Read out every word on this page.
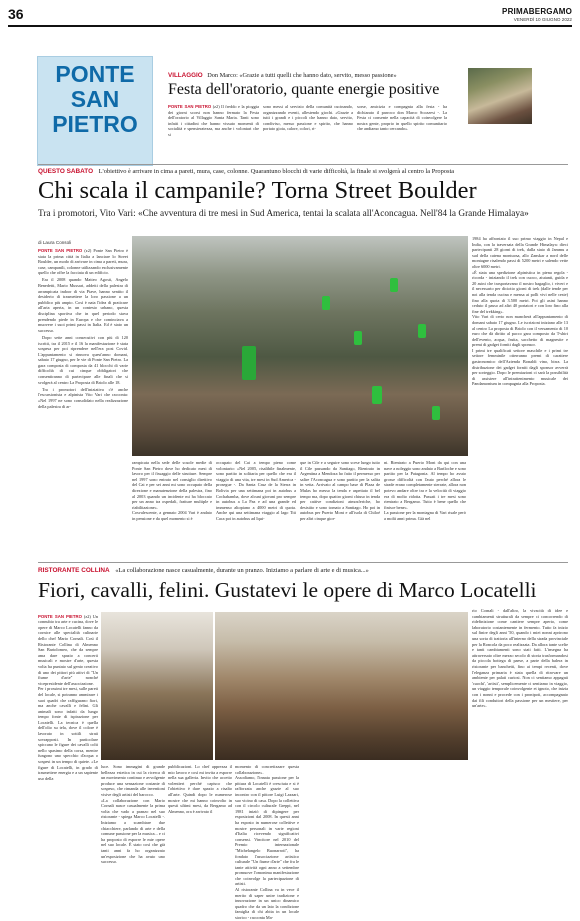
36	PRIMABERGAMO
VENERDÌ 10 GIUGNO 2022
PONTE
SAN
PIETRO
VILLAGGIO Don Marco: «Grazie a tutti quelli che hanno dato, servito, messo passione»
Festa dell'oratorio, quante energie positive

PONTE SAN PIETRO (z2) Il freddo e la pioggia dei giorni scorsi non hanno fermato la Festa dell'oratorio al Villaggio Santa Maria. Tanti sono infatti i cittadini che hanno vissuto momenti di socialità e spensieratezza, ma anche i volontari che si

sono messi al servizio della comunità cucinando, organizzando eventi, allestendo giochi. «Grazie a tutti i grandi e i piccoli che hanno dato, servito, condiviso, messo passione e spirito, che hanno portato gioia, calore, colori, ri-

sorse, amicizia e compagnia alla festa - ha dichiarato il parroco don Marco Scozzesi -. La Festa ci consente nella capacità di coinvolgere la nostra gente, proprio in quello spirito comunitario che andiamo tanto cercando».

QUESTO SABATO L'obiettivo è arrivare in cima a pareti, mura, case, colonne. Quarantuno blocchi di varie difficoltà, la finale si svolgerà al centro la Proposta
Chi scala il campanile? Torna Street Boulder
Tra i promotori, Vito Vari: «Che avventura di tre mesi in Sud America, tentai la scalata all'Aconcagua. Nell'84 la Grande Himalaya»
di Laura Consoli

PONTE SAN PIETRO (z2) Ponte San Pietro è stata la prima città in Italia a lanciare lo Street Boulder, un modo di arrivare in cima a pareti, mura, case, campanili, colonne utilizzando esclusivamente quello che offre la facciata di un edificio.

Era il 2008 quando Matteo Agosti, Angelo Benedetti, Mario Mussari, addetti della palestra di arrampicata indoor di via Piave, hanno sentito il desiderio di trasmettere la loro passione a un pubblico più ampio. Così è nata l'idea di praticare all'aria aperta, in un contesto urbano, questa disciplina sportiva che in quel periodo stava prendendo piede in Europa e che cominciava a muovere i suoi primi passi in Italia. Ed è stato un successo.

Dopo sette anni consecutivi con più di 120 iscritti, tra il 2015 e il 16 la manifestazione è stata sospesa per poi riprendere nell'era post Covid. L'appuntamento si rinnova quest'anno domani, sabato 17 giugno, per le vie di Ponte San Pietro. La gara composta di composta da 41 blocchi di varie difficoltà di cui cinque obbligatori che consentiranno di partecipare alle finali che si svolgerà al centro La Proposta di Briolo alle 18.

Tra i promotori dell'iniziativa c'è anche l'escursionista e alpinista Vito Vari che racconta: «Nel 1997 ne sono consolidato nella realizzazione della palestra di ar-

1984 ha affrontato il suo primo viaggio in Nepal e India, con la traversata della Grande Himalaya: dieci partecipanti 28 giorni di trek, dalla stato di Jammu a sud della catena montuosa, allo Zanskar a nord delle montagne risalendo passi di 5200 metri e salendo vette oltre 6000 metri.
«È stata una spedizione alpinistica in piena regola - ricorda - iniziando il trek con cuoco, aiutanti, guida e 20 asini che trasportavano il nostro bagaglio, i viveri e il necessario per diciotto giorni di trek (dalle tende per noi alla tenda cucina e mensa ai polli vivi nelle ceste) fino alla quota di 3.500 metri. Poi gli asini hanno ceduto il passo ad altri 40 portatori e con loro fino alla fine del trekking».
Vito Vari di certo non mancherà all'appuntamento di domani sabato 17 giugno. Le iscrizioni iniziano alle 13 al centro La proposta di Briolo con il versamento di 10 euro che dà diritto al pacco gara composto da T-shirt dell'evento, acqua, frutta, sacchetto di magnesite e premi di gadget forniti dagli sponsor.
I primi tre qualificati settore maschile e i primi tre settore femminile otterranno premi di carattere gastronomico dell'Azienda Bonaldi vino, birra. La distribuzione dei gadget forniti dagli sponsor avverrà per sorteggio. Dopo le premiazioni ci sarà la possibilità di assistere all'intrattenimento musicale dei Pandamonium in compagnia alla Proposta.

rampicata nella sede delle scuole medie di Ponte San Pietro dove ho dedicato mesi di lavoro per il fissaggio delle strutture. Sempre nel 1997 sono entrato nel consiglio direttivo del Cai e per sei anni mi sono occupato della direzione e manutenzione della palestra, fino al 2003 quando un incidente mi ha bloccato per un anno tra ospedali, fratture multiple e riabilitazione».
Cosvalescente, a gennaio 2004 Vari è andato in pensione e da quel momento si è
occupato del Cai a tempo pieno come volontario: «Nel 2005, risalibile finalmente, sono partito in solitaria per quello che era il viaggio di una vita, tre mesi in Sud America - prosegue -. Da Santa Cruz de la Sierra in Bolivia per una settimana poi in autobus a Cochabamba, dove alcuni giovani pro sempre in autobus a La Paz e ad una grande ed immenso altopiano a 4000 metri di quota. Anche qui una settimana viaggio al lago Titi Caca poi in autobus ad Iqui-
que in Cile e a seguire sono scese lungo tutto il Cile passando da Santiago, Rientrato in Argentina a Mendoza ho fatto il permesso per salire l'Aconcagua e sono partito per la salita in vetta. Arrivato al campo base di Plaza de Mulas ho messo la tenda e aspettato il bel tempo ma, dopo quattro giorni chiuso in tenda per cattive condizioni atmosferiche, ho desistito e sono tornato a Santiago. Ho poi in autobus per Puerto Mont e all'isola di Chiloé per altri cinque gior-
ni. Rientrato a Puerto Mont da qui con una nave a noleggio sono andato a Bariloche e sono partito per la Patagonia. Al tempo ho avuto grosse difficoltà con l'auto perché allora le strade erano completamente sterrate, allora non potevo andare oltre tra e la velocità di viaggio era di molto ridotta. Passati i tre mesi sono rientrato a Bergamo. Tutto è bene quello che finisce bene».
La passione per la montagna di Vari risale però a molti anni prima. Già nel
RISTORANTE COLLINA «La collaborazione nasce casualmente, durante un pranzo. Iniziamo a parlare di arte e di musica...»
Fiori, cavalli, felini. Gustatevi le opere di Marco Locatelli

PONTE SAN PIETRO (z2) Un connubio tra arte e cucina, dove le opere di Marco Locatelli fanno da cornice alle specialità culinarie dello chef Mario Cornali. Così il Ristorante Collina di Almenno San Bartolomeo, che da sempre ama dare spazio a concerti musicali e mostre d'arte, questa volta ha puntato sul genio creativo di uno dei pittori più attivi di "Un fiume d'arte" nonché vicepresidente dell'associazione.
Per i prossimi tre mesi, sulle pareti del locale, si potranno ammirare i suoi quadri che raffigurano fiori, ma anche cavalli e felini. Gli animali sono infatti da lungo tempo fonte di ispirazione per Locatelli. La tecnica è quella dell'olio su tela, dove il colore è lavorato in sottili strati sovrapposti. In particolare spiccano le figure dei cavalli colti nello spasimo della corsa, mentre fungono uno specchio d'acqua o sospesi in un tempo di quiete. «Le figure di Locatelli, in grado di trasmettere energia e a un sapiente uso della

rio Cornali - dall'altro, la vivacità di idee e cambiamenti strutturali da sempre ci concorrendo di ridefinizione come cantiere sempre aperto, come laboratorio costantemente in fermento. Tutto fa inizio sul finire degli anni '50, quando i miei nonni aprirono una sorta di trattoria all'interno della strada provinciale per la Roncola da poco realizzata. Da allora tante scelte e tanti cambiamenti sono stati fatti. L'insegna ha attraversato oltre mezzo secolo di storia trasformandosi da piccola bottega di paese, a parte della balera in ristorante per banchetti, fino ai tempi recenti, dove l'eleganza primaria è stata quella di ritrovare un ambiente per palati curiosi. Non ci sentiamo appagati 'cuochi', 'artisti', semplicemente ci sentiamo in viaggio, un viaggio temporale coinvolgente et ignoto, che inizia con i nonni e procede con i pronipoti, accompagnato dai fili conduttori della passione per un mestiere, per un'arte».
luce. Sono immagini di grande bellezza estetica in cui la ricerca di un movimento continuo e avvolgente produce una sensazione costante di sospeso, che rimanda alle inventioni visive degli artisti del barocco.
«La collaborazione con Mario Cornali nasce casualmente la prima volta che vado a pranzo nel suo ristorante - spiega Marco Locatelli -. Iniziamo a scambiare due chiacchiere, parlando di arte e della comune passione per la musica... e ci ha proposto di esporre le mie opere nel suo locale. È stato così che già tanti anni fa ho organizzato un'esposizione che ha avuto uno successo.
pubblicazioni. Lo chef apprezza il mio lavoro e così mi invita a esporre nella sua galleria. Invito che accetto volentieri perché capisco che l'obiettivo è dare spazio a risalto all'arte. Quindi dopo le numerose mostre che mi hanno coinvolto in questi ultimi mesi, da Bergamo ad Almenno, ora è arrivato il
momento di concretizzare questa collaborazione».
Assodiamo, l'innata passione per la pittura di Locatelli è cresciuta e si è rafforzata anche grazie al suo incontro con il pittore Luigi Lazzari, suo vicino di casa. Dopo la collettiva con il circolo culturale Greppi, nel 1981 iniziò di dipingere per esposizioni dal 2008. In questi anni ha esposto in numerose collettive e mostre personali in varie regioni d'Italia ricevendo significativi consensi. Vincitore nel 2010 del Premio internazionale "Michelangelo Buonarroti", ha fondato l'associazione artistico culturale "Un fiume d'arte" che fra le tante attività ogni anno a settembre promuove l'omonima manifestazione che coinvolge la partecipazione di artisti.
Al ristorante Collina va in vece il merito di saper unire tradizione e innovazione in un unico dinamico quadro che da un lato la condizione famiglia di chi abita in un locale storico - racconta Ma-
